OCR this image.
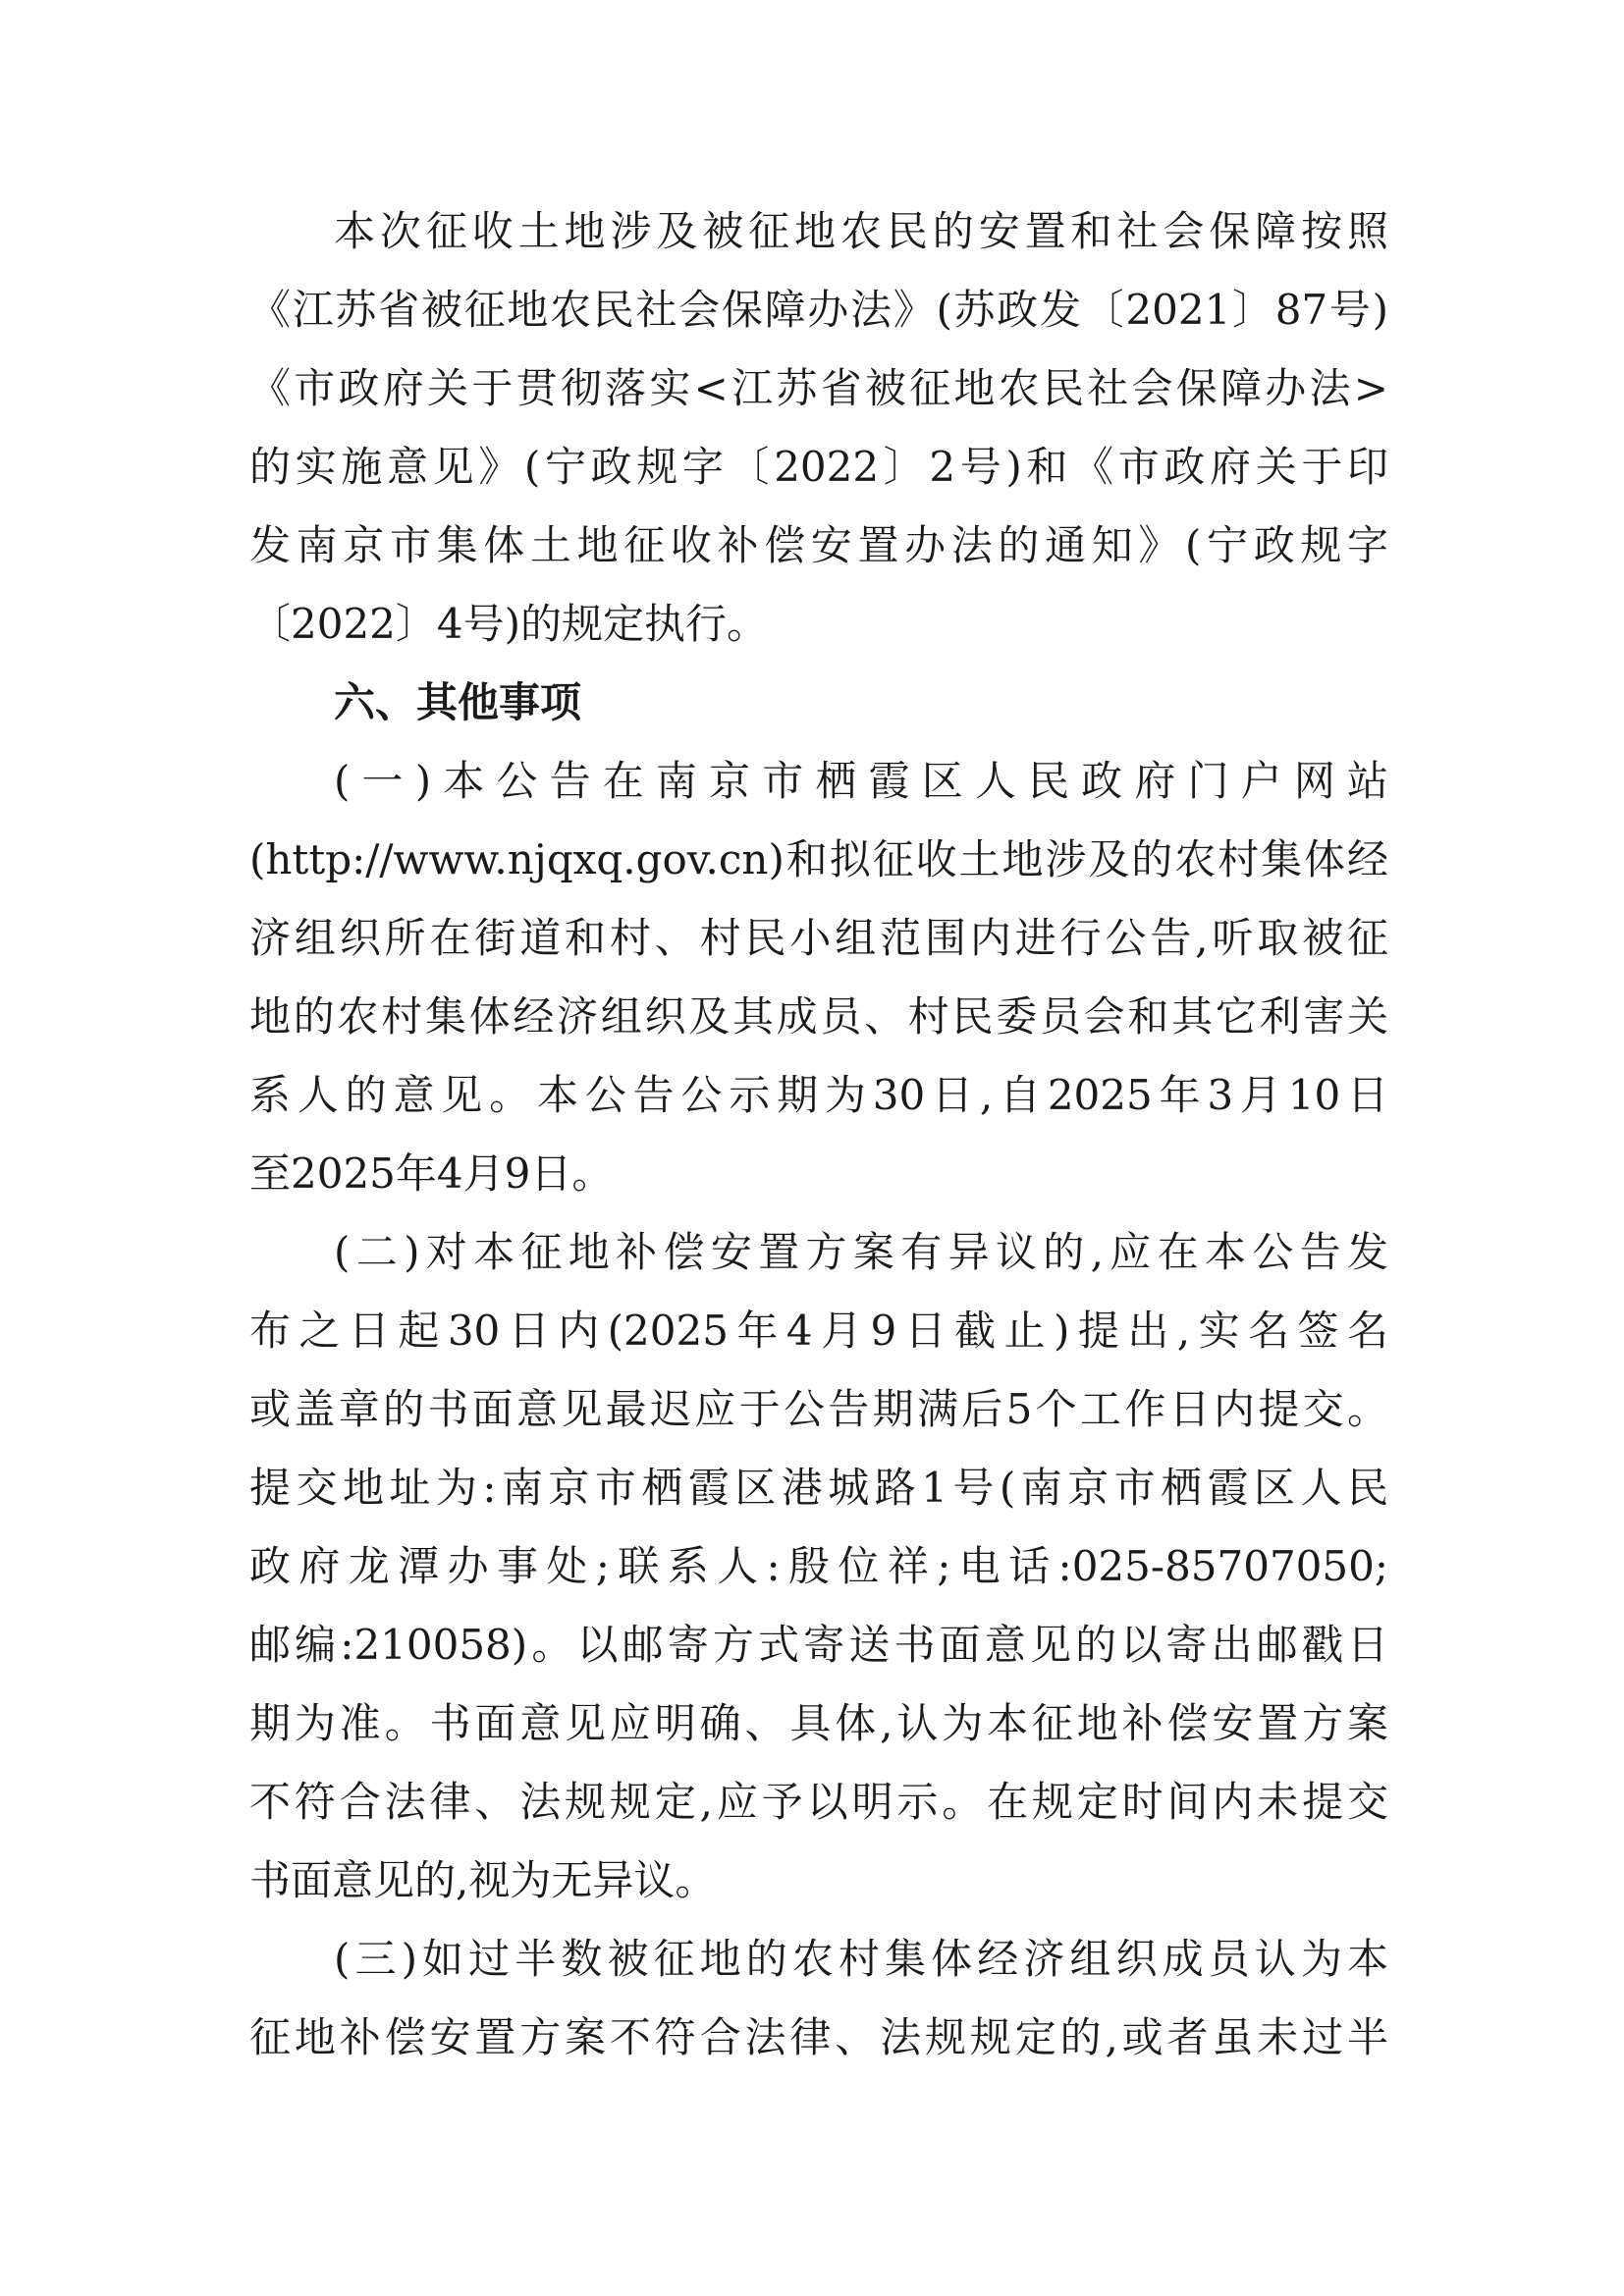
本次征收土地涉及被征地农民的安置和社会保障按照
《江苏省被征地农民社会保障办法》(苏政发〔2021〕87号)
《市政府关于贯彻落实<江苏省被征地农民社会保障办法>
的实施意见》(宁政规字〔2022〕2号)和《市政府关于印
发南京市集体土地征收补偿安置办法的通知》(宁政规字
〔2022〕4号)的规定执行。
六、其他事项
(一)本公告在南京市栖霞区人民政府门户网站
(http://www.njqxq.gov.cn)和拟征收土地涉及的农村集体经
济组织所在街道和村、村民小组范围内进行公告,听取被征
地的农村集体经济组织及其成员、村民委员会和其它利害关
系人的意见。本公告公示期为30日,自2025年3月10日
至2025年4月9日。
(二)对本征地补偿安置方案有异议的,应在本公告发
布之日起30日内(2025年4月9日截止)提出,实名签名
或盖章的书面意见最迟应于公告期满后5个工作日内提交。
提交地址为:南京市栖霞区港城路1号(南京市栖霞区人民
政府龙潭办事处;联系人:殷位祥;电话:025-85707050;
邮编:210058)。以邮寄方式寄送书面意见的以寄出邮戳日
期为准。书面意见应明确、具体,认为本征地补偿安置方案
不符合法律、法规规定,应予以明示。在规定时间内未提交
书面意见的,视为无异议。
(三)如过半数被征地的农村集体经济组织成员认为本
征地补偿安置方案不符合法律、法规规定的,或者虽未过半
